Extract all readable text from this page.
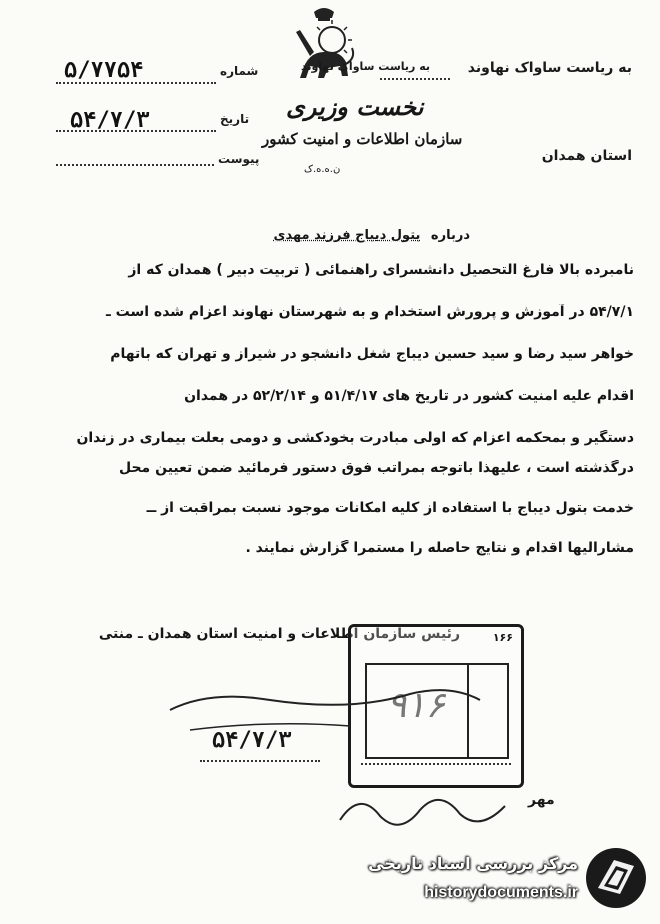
به ریاست ساواک نهاوند	به ریاست ساواک نهاوند
استان همدان
شماره
۵/۷۷۵۴
تاریخ
۵۴/۷/۳
پیوست
نخست وزیری
سازمان اطلاعات و امنیت کشور
ن.ه.ه.ک
درباره بتول دیباج فرزند مهدی
نامبرده بالا فارغ التحصیل دانشسرای راهنمائی ( تربیت دبیر ) همدان که از
۵۴/۷/۱ در آموزش و پرورش استخدام و به شهرستان نهاوند اعزام شده است ـ
خواهر سید رضا و سید حسین دیباج شغل دانشجو در شیراز و تهران که باتهام
اقدام علیه امنیت کشور در تاریخ های ۵۱/۴/۱۷ و ۵۲/۲/۱۴ در همدان
دستگیر و بمحکمه اعزام که اولی مبادرت بخودکشی و دومی بعلت بیماری در زندان
درگذشته است ، علیهذا باتوجه بمراتب فوق دستور فرمائید ضمن تعیین محل
خدمت بتول دیباج با استفاده از کلیه امکانات موجود نسبت بمراقبت از ــ
مشارالیها اقدام و نتایج حاصله را مستمرا گزارش نمایند .
رئیس سازمان اطلاعات و امنیت استان همدان ـ منتی	۱۶۶
۹۱۶
۵۴/۷/۳
مهر
مرکز بررسی اسناد تاریخی
historydocuments.ir
